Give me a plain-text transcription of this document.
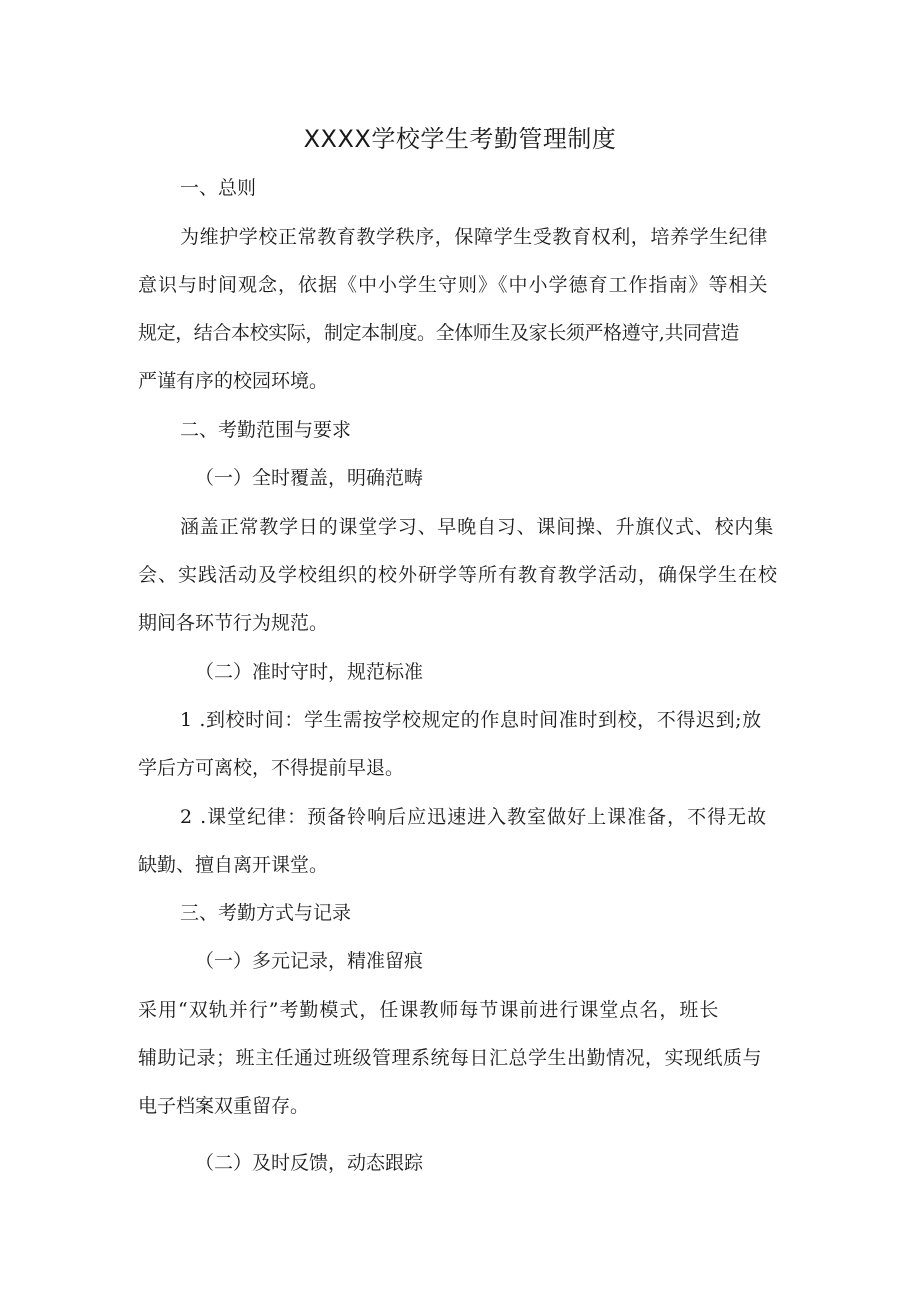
XXXX学校学生考勤管理制度
一、总则
为维护学校正常教育教学秩序，保障学生受教育权利，培养学生纪律
意识与时间观念，依据《中小学生守则》《中小学德育工作指南》等相关
规定，结合本校实际，制定本制度。全体师生及家长须严格遵守,共同营造
严谨有序的校园环境。
二、考勤范围与要求
（一）全时覆盖，明确范畴
涵盖正常教学日的课堂学习、早晚自习、课间操、升旗仪式、校内集
会、实践活动及学校组织的校外研学等所有教育教学活动，确保学生在校
期间各环节行为规范。
（二）准时守时，规范标准
1 .到校时间：学生需按学校规定的作息时间准时到校，不得迟到;放
学后方可离校，不得提前早退。
2 .课堂纪律：预备铃响后应迅速进入教室做好上课准备，不得无故
缺勤、擅自离开课堂。
三、考勤方式与记录
（一）多元记录，精准留痕
采用“双轨并行”考勤模式，任课教师每节课前进行课堂点名，班长
辅助记录；班主任通过班级管理系统每日汇总学生出勤情况，实现纸质与
电子档案双重留存。
（二）及时反馈，动态跟踪
